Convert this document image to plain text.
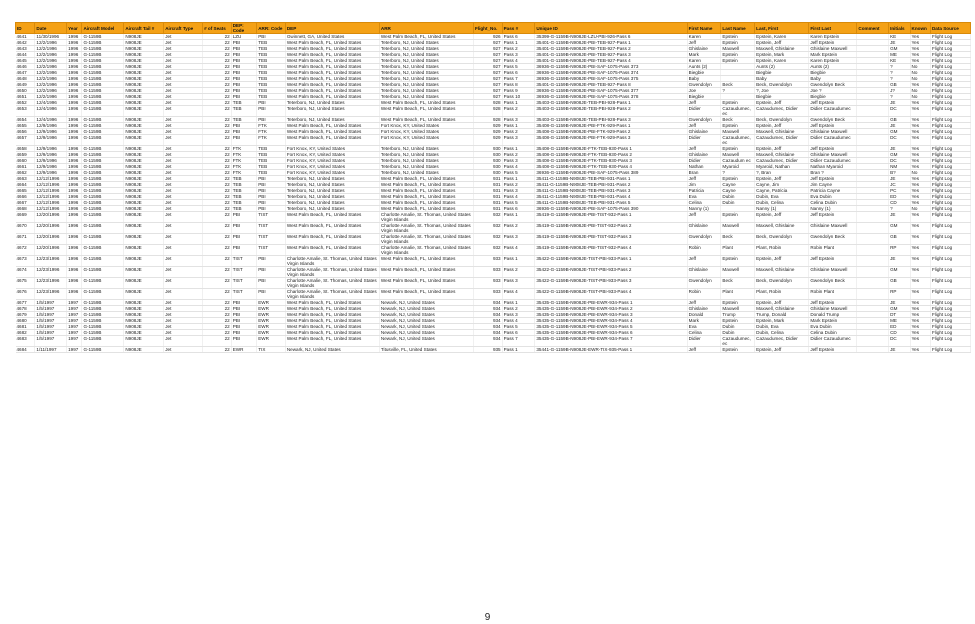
ID	Date	Year	Aircraft Model	Aircraft Tail #	Aircraft Type	# of Seats	DEP: Code	ARR: Code	DEP	ARR	Flight_No.	Pass #	Unique ID	First Name	Last Name	Last, First	First Last	Comment	Initials	Known	Data Source
4641	11/30/1996	1996	G-1159B	N908JE	Jet	22	LZU	PBI	Gwinnett, GA, United States	West Palm Beach, FL, United States	926	Pass 6	35399-G-1159B-N908JE-LZU-PBI-926-Pass 6	Karen	Epstein	Epstein, Karen	Karen Epstein		KE	Yes	Flight Log
4642	12/2/1996	1996	G-1159B	N908JE	Jet	22	PBI	TEB	West Palm Beach, FL, United States	Teterboro, NJ, United States	927	Pass 1	35401-G-1159B-N908JE-PBI-TEB-927-Pass 1	Jeff	Epstein	Epstein, Jeff	Jeff Epstein		JE	Yes	Flight Log
4643	12/2/1996	1996	G-1159B	N908JE	Jet	22	PBI	TEB	West Palm Beach, FL, United States	Teterboro, NJ, United States	927	Pass 2	35401-G-1159B-N908JE-PBI-TEB-927-Pass 2	Ghislaine	Maxwell	Maxwell, Ghislaine	Ghislaine Maxwell		GM	Yes	Flight Log
4644	12/2/1996	1996	G-1159B	N908JE	Jet	22	PBI	TEB	West Palm Beach, FL, United States	Teterboro, NJ, United States	927	Pass 3	35401-G-1159B-N908JE-PBI-TEB-927-Pass 3	Mark	Epstein	Epstein, Mark	Mark Epstein		ME	Yes	Flight Log
4645	12/2/1996	1996	G-1159B	N908JE	Jet	22	PBI	TEB	West Palm Beach, FL, United States	Teterboro, NJ, United States	927	Pass 4	35401-G-1159B-N908JE-PBI-TEB-927-Pass 4	Karen	Epstein	Epstein, Karen	Karen Epstein		KE	Yes	Flight Log
4646	12/2/1996	1996	G-1159B	N908JE	Jet	22	PBI	TEB	West Palm Beach, FL, United States	Teterboro, NJ, United States	927	Pass 5	36936-G-1159B-N908JE-PBI-SAF-1075-Pass 373	Aunts (2)		Aunts (2)	Aunts (2)		?	No	Flight Log
4647	12/2/1996	1996	G-1159B	N908JE	Jet	22	PBI	TEB	West Palm Beach, FL, United States	Teterboro, NJ, United States	927	Pass 6	36936-G-1159B-N908JE-PBI-SAF-1075-Pass 374	Biegbie		Biegbie	Biegbie		?	No	Flight Log
4648	12/2/1996	1996	G-1159B	N908JE	Jet	22	PBI	TEB	West Palm Beach, FL, United States	Teterboro, NJ, United States	927	Pass 7	36936-G-1159B-N908JE-PBI-SAF-1075-Pass 375	Baby		Baby	Baby		?	No	Flight Log
4649	12/2/1996	1996	G-1159B	N908JE	Jet	22	PBI	TEB	West Palm Beach, FL, United States	Teterboro, NJ, United States	927	Pass 8	35401-G-1159B-N908JE-PBI-TEB-927-Pass 8	Gwendolyn	Beck	Beck, Gwendolyn	Gwendolyn Beck		GB	Yes	Flight Log
4650	12/2/1996	1996	G-1159B	N908JE	Jet	22	PBI	TEB	West Palm Beach, FL, United States	Teterboro, NJ, United States	927	Pass 9	36936-G-1159B-N908JE-PBI-SAF-1075-Pass 377	Joe	?	?, Joe	Joe ?		J?	No	Flight Log
4651	12/2/1996	1996	G-1159B	N908JE	Jet	22	PBI	TEB	West Palm Beach, FL, United States	Teterboro, NJ, United States	927	Pass 10	36936-G-1159B-N908JE-PBI-SAF-1075-Pass 378	Biegbie		Biegbie	Biegbie		?	No	Flight Log
4652	12/4/1996	1996	G-1159B	N908JE	Jet	22	TEB	PBI	Teterboro, NJ, United States	West Palm Beach, FL, United States	928	Pass 1	35403-G-1159B-N908JE-TEB-PBI-928-Pass 1	Jeff	Epstein	Epstein, Jeff	Jeff Epstein		JE	Yes	Flight Log
4653	12/4/1996	1996	G-1159B	N908JE	Jet	22	TEB	PBI	Teterboro, NJ, United States	West Palm Beach, FL, United States	928	Pass 2	35403-G-1159B-N908JE-TEB-PBI-928-Pass 2	Didier	Cazaudumec, ec	Cazaudumec, Didier	Didier Cazaudumec		DC	Yes	Flight Log
4654	12/4/1996	1996	G-1159B	N908JE	Jet	22	TEB	PBI	Teterboro, NJ, United States	West Palm Beach, FL, United States	928	Pass 3	35403-G-1159B-N908JE-TEB-PBI-928-Pass 3	Gwendolyn	Beck	Beck, Gwendolyn	Gwendolyn Beck		GB	Yes	Flight Log
4655	12/9/1996	1996	G-1159B	N908JE	Jet	22	PBI	FTK	West Palm Beach, FL, United States	Fort Knox, KY, United States	929	Pass 1	35408-G-1159B-N908JE-PBI-FTK-929-Pass 1	Jeff	Epstein	Epstein, Jeff	Jeff Epstein		JE	Yes	Flight Log
4656	12/9/1996	1996	G-1159B	N908JE	Jet	22	PBI	FTK	West Palm Beach, FL, United States	Fort Knox, KY, United States	929	Pass 2	35408-G-1159B-N908JE-PBI-FTK-929-Pass 2	Ghislaine	Maxwell	Maxwell, Ghislaine	Ghislaine Maxwell		GM	Yes	Flight Log
4657	12/9/1996	1996	G-1159B	N908JE	Jet	22	PBI	FTK	West Palm Beach, FL, United States	Fort Knox, KY, United States	929	Pass 3	35408-G-1159B-N908JE-PBI-FTK-929-Pass 3	Didier	Cazaudumec, ec	Cazaudumec, Didier	Didier Cazaudumec		DC	Yes	Flight Log
4658	12/9/1996	1996	G-1159B	N908JE	Jet	22	FTK	TEB	Fort Knox, KY, United States	Teterboro, NJ, United States	930	Pass 1	35408-G-1159B-N908JE-FTK-TEB-930-Pass 1	Jeff	Epstein	Epstein, Jeff	Jeff Epstein		JE	Yes	Flight Log
4659	12/9/1996	1996	G-1159B	N908JE	Jet	22	FTK	TEB	Fort Knox, KY, United States	Teterboro, NJ, United States	930	Pass 2	35408-G-1159B-N908JE-FTK-TEB-930-Pass 2	Ghislaine	Maxwell	Maxwell, Ghislaine	Ghislaine Maxwell		GM	Yes	Flight Log
4660	12/9/1996	1996	G-1159B	N908JE	Jet	22	FTK	TEB	Fort Knox, KY, United States	Teterboro, NJ, United States	930	Pass 3	35408-G-1159B-N908JE-FTK-TEB-930-Pass 3	Didier	Cazaudum ec	Cazaudumec, Didier	Didier Cazaudumec		DC	Yes	Flight Log
4661	12/9/1996	1996	G-1159B	N908JE	Jet	22	FTK	TEB	Fort Knox, KY, United States	Teterboro, NJ, United States	930	Pass 4	35408-G-1159B-N908JE-FTK-TEB-930-Pass 4	Nathan	Myaroid	Myaroid, Nathan	Nathan Myaroid		NM	Yes	Flight Log
4662	12/9/1996	1996	G-1159B	N908JE	Jet	22	FTK	TEB	Fort Knox, KY, United States	Teterboro, NJ, United States	930	Pass 5	36936-G-1159B-N908JE-PBI-SAF-1075-Pass 389	Bran	?	?, Bran	Bran ?		B?	No	Flight Log
4663	12/12/1996	1996	G-1159B	N908JE	Jet	22	TEB	PBI	Teterboro, NJ, United States	West Palm Beach, FL, United States	931	Pass 1	35411-G-1159B-N908JE-TEB-PBI-931-Pass 1	Jeff	Epstein	Epstein, Jeff	Jeff Epstein		JE	Yes	Flight Log
4664	12/12/1996	1996	G-1159B	N908JE	Jet	22	TEB	PBI	Teterboro, NJ, United States	West Palm Beach, FL, United States	931	Pass 2	35411-G-1159B-N908JE-TEB-PBI-931-Pass 2	Jim	Cayne	Cayne, Jim	Jim Cayne		JC	Yes	Flight Log
4665	12/12/1996	1996	G-1159B	N908JE	Jet	22	TEB	PBI	Teterboro, NJ, United States	West Palm Beach, FL, United States	931	Pass 3	35411-G-1159B-N908JE-TEB-PBI-931-Pass 3	Patricia	Cayne	Cayne, Patricia	Patricia Cayne		PC	Yes	Flight Log
4666	12/12/1996	1996	G-1159B	N908JE	Jet	22	TEB	PBI	Teterboro, NJ, United States	West Palm Beach, FL, United States	931	Pass 4	35411-G-1159B-N908JE-TEB-PBI-931-Pass 4	Eva	Dubin	Dubin, Eva	Eva Dubin		ED	Yes	Flight Log
4667	12/12/1996	1996	G-1159B	N908JE	Jet	22	TEB	PBI	Teterboro, NJ, United States	West Palm Beach, FL, United States	931	Pass 5	35411-G-1159B-N908JE-TEB-PBI-931-Pass 5	Celina	Dubin	Dubin, Celina	Celina Dubin		CD	Yes	Flight Log
4668	12/12/1996	1996	G-1159B	N908JE	Jet	22	TEB	PBI	Teterboro, NJ, United States	West Palm Beach, FL, United States	931	Pass 6	36936-G-1159B-N908JE-PBI-SAF-1075-Pass 390	Nanny (1)		Nanny (1)	Nanny (1)		?	No	Flight Log
4669	12/20/1996	1996	G-1159B	N908JE	Jet	22	PBI	TIST	West Palm Beach, FL, United States	Charlotte Amalie, St. Thomas, United States Virgin Islands	932	Pass 1	35419-G-1159B-N908JE-PBI-TIST-932-Pass 1	Jeff	Epstein	Epstein, Jeff	Jeff Epstein		JE	Yes	Flight Log
4670	12/20/1996	1996	G-1159B	N908JE	Jet	22	PBI	TIST	West Palm Beach, FL, United States	Charlotte Amalie, St. Thomas, United States Virgin Islands	932	Pass 2	35419-G-1159B-N908JE-PBI-TIST-932-Pass 2	Ghislaine	Maxwell	Maxwell, Ghislaine	Ghislaine Maxwell		GM	Yes	Flight Log
4671	12/20/1996	1996	G-1159B	N908JE	Jet	22	PBI	TIST	West Palm Beach, FL, United States	Charlotte Amalie, St. Thomas, United States Virgin Islands	932	Pass 3	35419-G-1159B-N908JE-PBI-TIST-932-Pass 3	Gwendolyn	Beck	Beck, Gwendolyn	Gwendolyn Beck		GB	Yes	Flight Log
4672	12/20/1996	1996	G-1159B	N908JE	Jet	22	PBI	TIST	West Palm Beach, FL, United States	Charlotte Amalie, St. Thomas, United States Virgin Islands	932	Pass 4	35419-G-1159B-N908JE-PBI-TIST-932-Pass 4	Robin	Plant	Plant, Robin	Robin Plant		RP	Yes	Flight Log
4673	12/23/1996	1996	G-1159B	N908JE	Jet	22	TIST	PBI	Charlotte Amalie, St. Thomas, United States Virgin Islands	West Palm Beach, FL, United States	933	Pass 1	35422-G-1159B-N908JE-TIST-PBI-933-Pass 1	Jeff	Epstein	Epstein, Jeff	Jeff Epstein		JE	Yes	Flight Log
4674	12/23/1996	1996	G-1159B	N908JE	Jet	22	TIST	PBI	Charlotte Amalie, St. Thomas, United States Virgin Islands	West Palm Beach, FL, United States	933	Pass 2	35422-G-1159B-N908JE-TIST-PBI-933-Pass 2	Ghislaine	Maxwell	Maxwell, Ghislaine	Ghislaine Maxwell		GM	Yes	Flight Log
4675	12/23/1996	1996	G-1159B	N908JE	Jet	22	TIST	PBI	Charlotte Amalie, St. Thomas, United States Virgin Islands	West Palm Beach, FL, United States	933	Pass 3	35422-G-1159B-N908JE-TIST-PBI-933-Pass 3	Gwendolyn	Beck	Beck, Gwendolyn	Gwendolyn Beck		GB	Yes	Flight Log
4676	12/23/1996	1996	G-1159B	N908JE	Jet	22	TIST	PBI	Charlotte Amalie, St. Thomas, United States Virgin Islands	West Palm Beach, FL, United States	933	Pass 4	35422-G-1159B-N908JE-TIST-PBI-933-Pass 4	Robin	Plant	Plant, Robin	Robin Plant		RP	Yes	Flight Log
4677	1/5/1997	1997	G-1159B	N908JE	Jet	22	PBI	EWR	West Palm Beach, FL, United States	Newark, NJ, United States	934	Pass 1	35435-G-1159B-N908JE-PBI-EWR-934-Pass 1	Jeff	Epstein	Epstein, Jeff	Jeff Epstein		JE	Yes	Flight Log
4678	1/5/1997	1997	G-1159B	N908JE	Jet	22	PBI	EWR	West Palm Beach, FL, United States	Newark, NJ, United States	934	Pass 2	35435-G-1159B-N908JE-PBI-EWR-934-Pass 2	Ghislaine	Maxwell	Maxwell, Ghislaine	Ghislaine Maxwell		GM	Yes	Flight Log
4679	1/5/1997	1997	G-1159B	N908JE	Jet	22	PBI	EWR	West Palm Beach, FL, United States	Newark, NJ, United States	934	Pass 3	35435-G-1159B-N908JE-PBI-EWR-934-Pass 3	Donald	Trump	Trump, Donald	Donald Trump		DT	Yes	Flight Log
4680	1/5/1997	1997	G-1159B	N908JE	Jet	22	PBI	EWR	West Palm Beach, FL, United States	Newark, NJ, United States	934	Pass 4	35435-G-1159B-N908JE-PBI-EWR-934-Pass 4	Mark	Epstein	Epstein, Mark	Mark Epstein		ME	Yes	Flight Log
4681	1/5/1997	1997	G-1159B	N908JE	Jet	22	PBI	EWR	West Palm Beach, FL, United States	Newark, NJ, United States	934	Pass 5	35435-G-1159B-N908JE-PBI-EWR-934-Pass 5	Eva	Dubin	Dubin, Eva	Eva Dubin		ED	Yes	Flight Log
4682	1/5/1997	1997	G-1159B	N908JE	Jet	22	PBI	EWR	West Palm Beach, FL, United States	Newark, NJ, United States	934	Pass 6	35435-G-1159B-N908JE-PBI-EWR-934-Pass 6	Celina	Dubin	Dubin, Celina	Celina Dubin		CD	Yes	Flight Log
4683	1/5/1997	1997	G-1159B	N908JE	Jet	22	PBI	EWR	West Palm Beach, FL, United States	Newark, NJ, United States	934	Pass 7	35435-G-1159B-N908JE-PBI-EWR-934-Pass 7	Didier	Cazaudumec, ec	Cazaudumec, Didier	Didier Cazaudumec		DC	Yes	Flight Log
4684	1/11/1997	1997	G-1159B	N908JE	Jet	22	EWR	TIX	Newark, NJ, United States	Titusville, FL, United States	935	Pass 1	35441-G-1159B-N908JE-EWR-TIX-935-Pass 1	Jeff	Epstein	Epstein, Jeff	Jeff Epstein		JE	Yes	Flight Log
9
